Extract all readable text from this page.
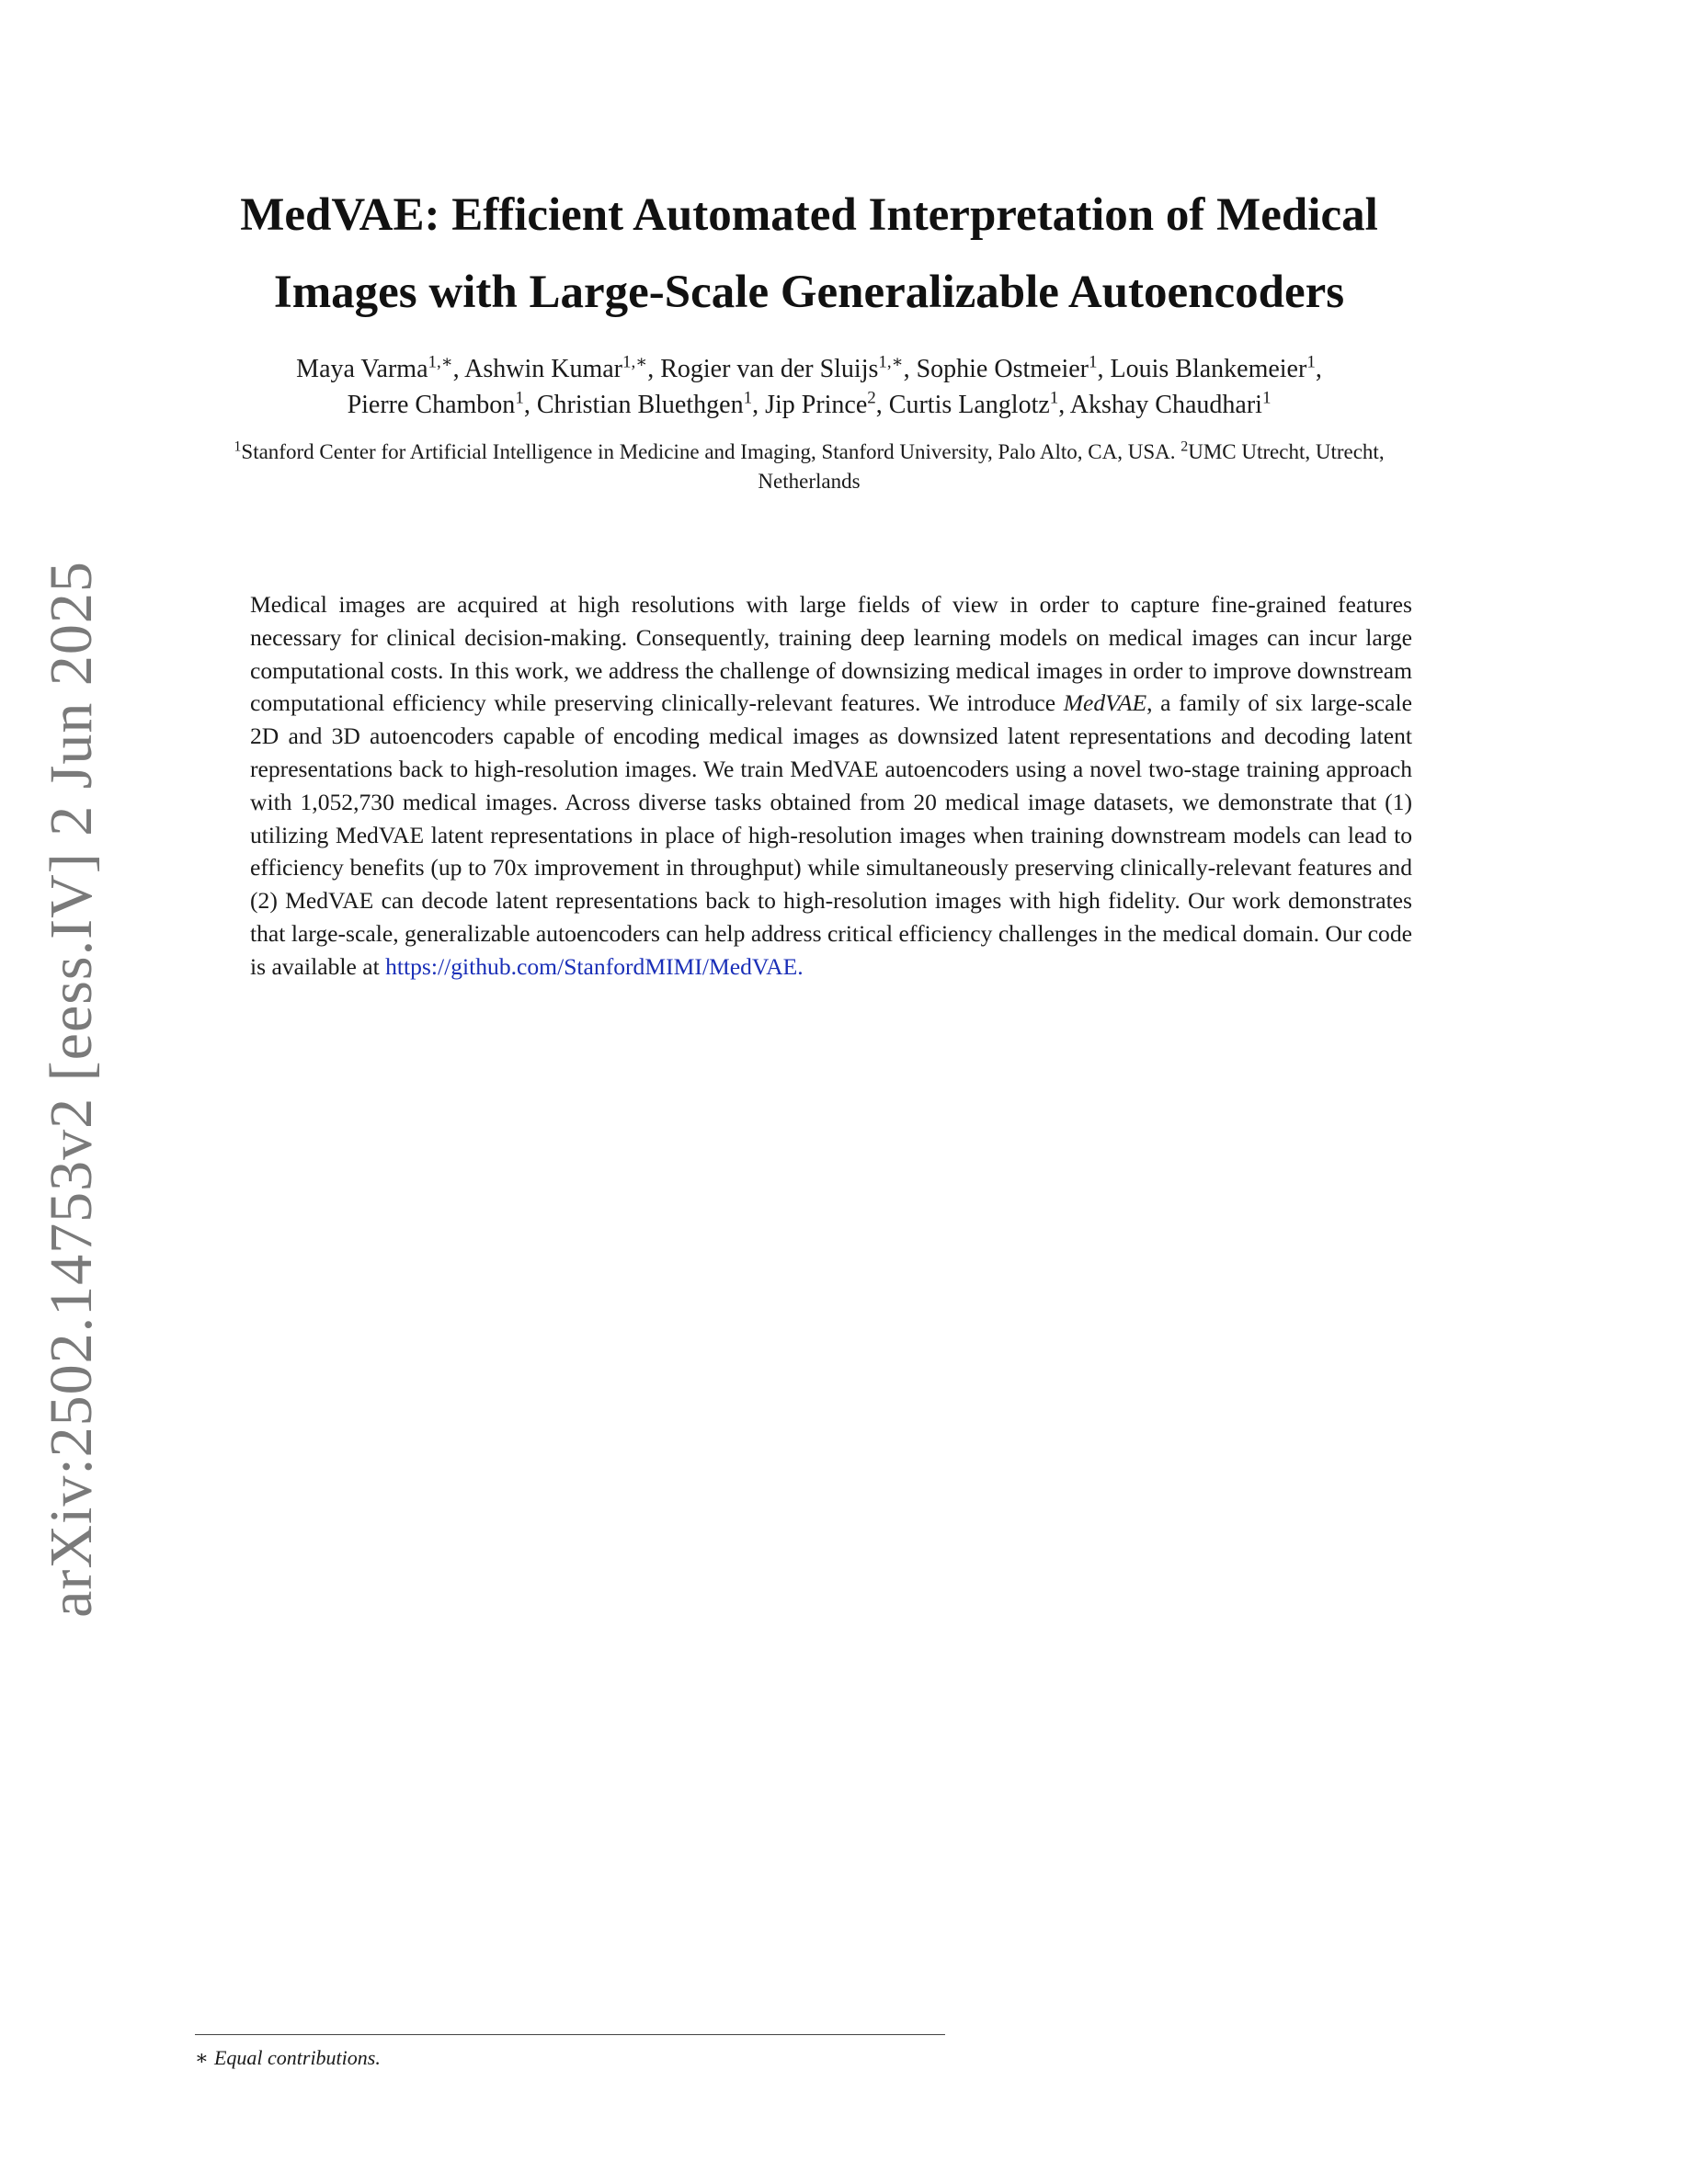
arXiv:2502.14753v2 [eess.IV] 2 Jun 2025
MedVAE: Efficient Automated Interpretation of Medical
Images with Large-Scale Generalizable Autoencoders
Maya Varma$^{1,∗}$, Ashwin Kumar$^{1,∗}$, Rogier van der Sluijs$^{1,∗}$, Sophie Ostmeier$^1$, Louis Blankemeier$^1$,
Pierre Chambon$^1$, Christian Bluethgen$^1$, Jip Prince$^2$, Curtis Langlotz$^1$, Akshay Chaudhari$^1$
$^1$Stanford Center for Artificial Intelligence in Medicine and Imaging, Stanford University, Palo Alto, CA, USA. $^2$UMC Utrecht, Utrecht, Netherlands
Medical images are acquired at high resolutions with large fields of view in order to capture fine-grained features necessary for clinical decision-making. Consequently, training deep learning models on medical images can incur large computational costs. In this work, we address the challenge of downsizing medical images in order to improve downstream computational efficiency while preserving clinically-relevant features. We introduce MedVAE, a family of six large-scale 2D and 3D autoencoders capable of encoding medical images as downsized latent representations and decoding latent representations back to high-resolution images. We train MedVAE autoencoders using a novel two-stage training approach with 1,052,730 medical images. Across diverse tasks obtained from 20 medical image datasets, we demonstrate that (1) utilizing MedVAE latent representations in place of high-resolution images when training downstream models can lead to efficiency benefits (up to 70x improvement in throughput) while simultaneously preserving clinically-relevant features and (2) MedVAE can decode latent representations back to high-resolution images with high fidelity. Our work demonstrates that large-scale, generalizable autoencoders can help address critical efficiency challenges in the medical domain. Our code is available at https://github.com/StanfordMIMI/MedVAE.
∗ Equal contributions.
